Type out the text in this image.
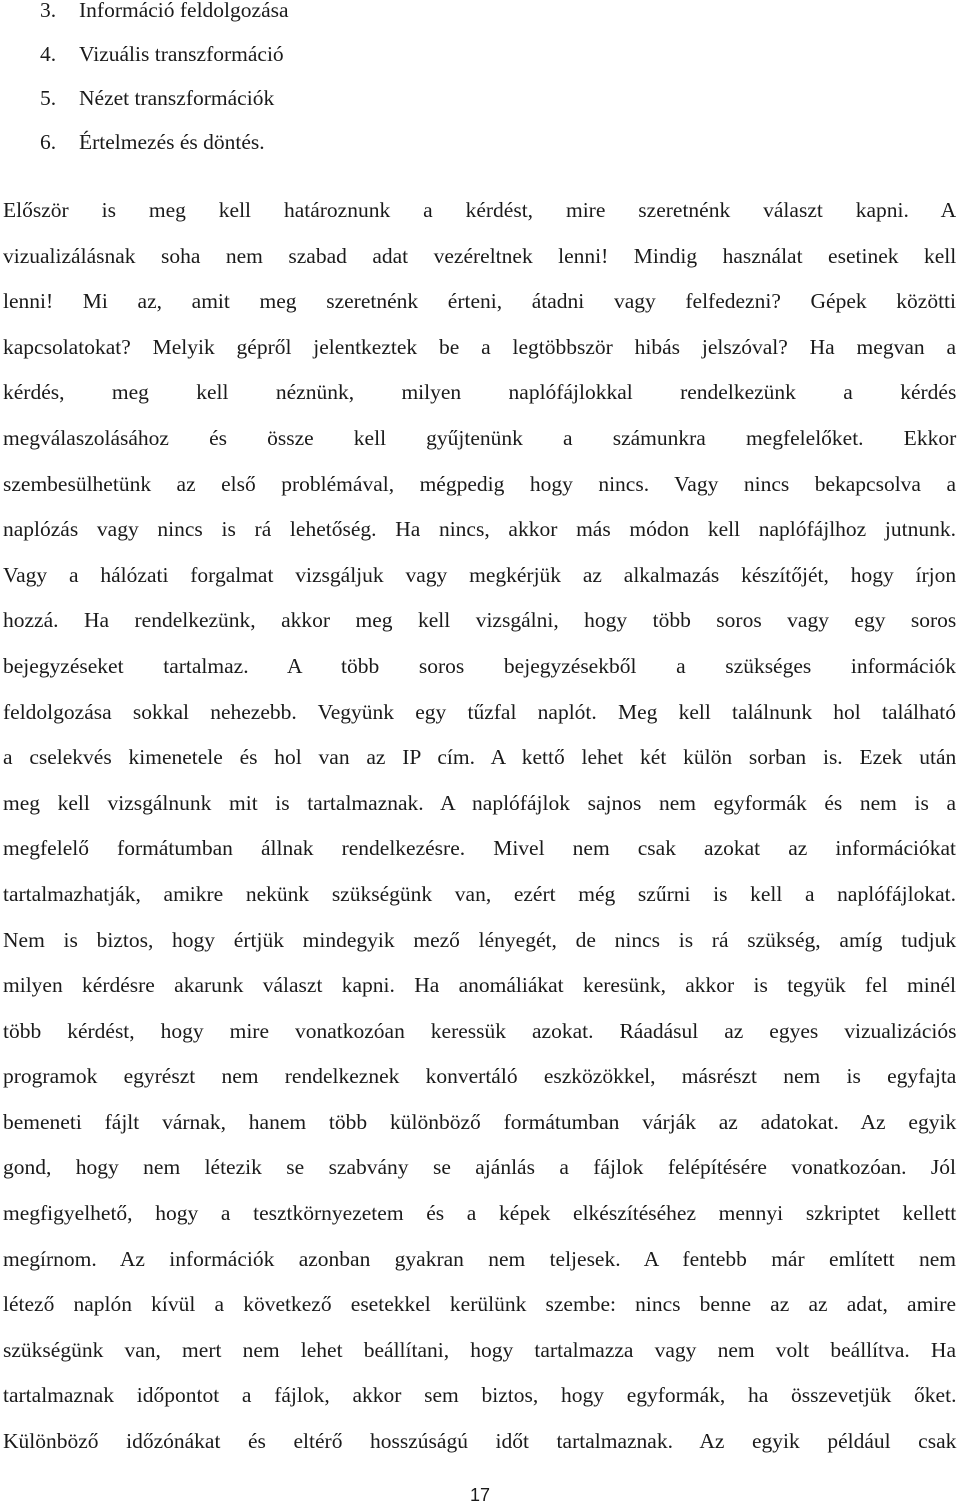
3. Információ feldolgozása
4. Vizuális transzformáció
5. Nézet transzformációk
6. Értelmezés és döntés.

Először is meg kell határoznunk a kérdést, mire szeretnénk választ kapni. A
vizualizálásnak soha nem szabad adat vezéreltnek lenni! Mindig használat esetinek kell
lenni! Mi az, amit meg szeretnénk érteni, átadni vagy felfedezni? Gépek közötti
kapcsolatokat? Melyik gépről jelentkeztek be a legtöbbször hibás jelszóval? Ha megvan a
kérdés, meg kell néznünk, milyen naplófájlokkal rendelkezünk a kérdés
megválaszolásához és össze kell gyűjtenünk a számunkra megfelelőket. Ekkor
szembesülhetünk az első problémával, mégpedig hogy nincs. Vagy nincs bekapcsolva a
naplózás vagy nincs is rá lehetőség. Ha nincs, akkor más módon kell naplófájlhoz jutnunk.
Vagy a hálózati forgalmat vizsgáljuk vagy megkérjük az alkalmazás készítőjét, hogy írjon
hozzá. Ha rendelkezünk, akkor meg kell vizsgálni, hogy több soros vagy egy soros
bejegyzéseket tartalmaz. A több soros bejegyzésekből a szükséges információk
feldolgozása sokkal nehezebb. Vegyünk egy tűzfal naplót. Meg kell találnunk hol található
a cselekvés kimenetele és hol van az IP cím. A kettő lehet két külön sorban is. Ezek után
meg kell vizsgálnunk mit is tartalmaznak. A naplófájlok sajnos nem egyformák és nem is a
megfelelő formátumban állnak rendelkezésre. Mivel nem csak azokat az információkat
tartalmazhatják, amikre nekünk szükségünk van, ezért még szűrni is kell a naplófájlokat.
Nem is biztos, hogy értjük mindegyik mező lényegét, de nincs is rá szükség, amíg tudjuk
milyen kérdésre akarunk választ kapni. Ha anomáliákat keresünk, akkor is tegyük fel minél
több kérdést, hogy mire vonatkozóan keressük azokat. Ráadásul az egyes vizualizációs
programok egyrészt nem rendelkeznek konvertáló eszközökkel, másrészt nem is egyfajta
bemeneti fájlt várnak, hanem több különböző formátumban várják az adatokat. Az egyik
gond, hogy nem létezik se szabvány se ajánlás a fájlok felépítésére vonatkozóan. Jól
megfigyelhető, hogy a tesztkörnyezetem és a képek elkészítéséhez mennyi szkriptet kellett
megírnom. Az információk azonban gyakran nem teljesek. A fentebb már említett nem
létező naplón kívül a következő esetekkel kerülünk szembe: nincs benne az az adat, amire
szükségünk van, mert nem lehet beállítani, hogy tartalmazza vagy nem volt beállítva. Ha
tartalmaznak időpontot a fájlok, akkor sem biztos, hogy egyformák, ha összevetjük őket.
Különböző időzónákat és eltérő hosszúságú időt tartalmaznak. Az egyik például csak

17
